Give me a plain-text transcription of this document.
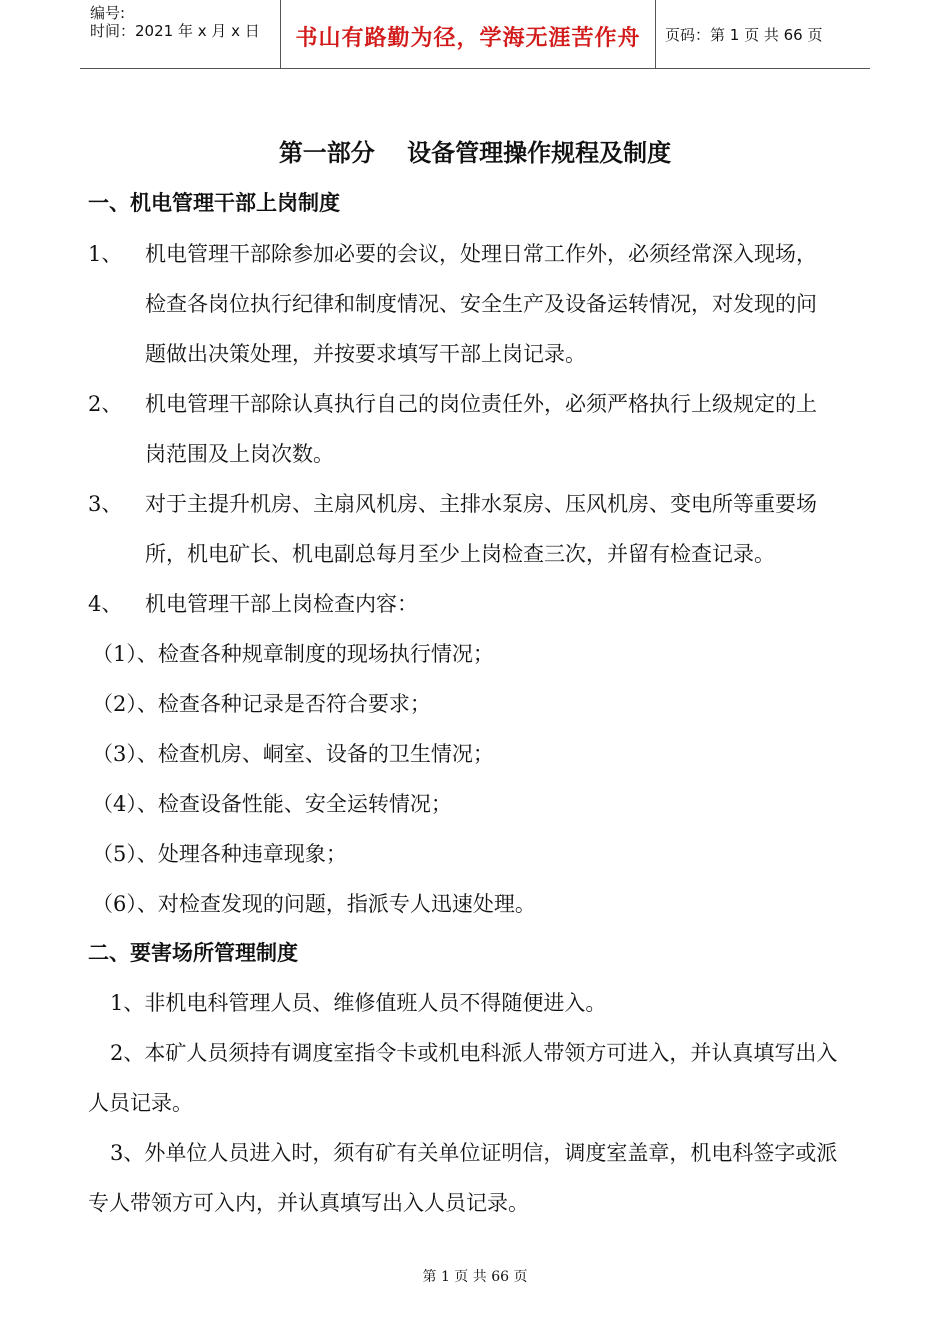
编号:
时间：2021 年 x 月 x 日	书山有路勤为径，学海无涯苦作舟	页码：第 1 页 共 66 页
第一部分　 设备管理操作规程及制度
一、机电管理干部上岗制度
1、 机电管理干部除参加必要的会议，处理日常工作外，必须经常深入现场，
检查各岗位执行纪律和制度情况、安全生产及设备运转情况，对发现的问
题做出决策处理，并按要求填写干部上岗记录。
2、 机电管理干部除认真执行自己的岗位责任外，必须严格执行上级规定的上
岗范围及上岗次数。
3、 对于主提升机房、主扇风机房、主排水泵房、压风机房、变电所等重要场
所，机电矿长、机电副总每月至少上岗检查三次，并留有检查记录。
4、 机电管理干部上岗检查内容：
（1）、检查各种规章制度的现场执行情况；
（2）、检查各种记录是否符合要求；
（3）、检查机房、峒室、设备的卫生情况；
（4）、检查设备性能、安全运转情况；
（5）、处理各种违章现象；
（6）、对检查发现的问题，指派专人迅速处理。
二、要害场所管理制度
1、非机电科管理人员、维修值班人员不得随便进入。
2、本矿人员须持有调度室指令卡或机电科派人带领方可进入，并认真填写出入
人员记录。
3、外单位人员进入时，须有矿有关单位证明信，调度室盖章，机电科签字或派
专人带领方可入内，并认真填写出入人员记录。
第 1 页 共 66 页
